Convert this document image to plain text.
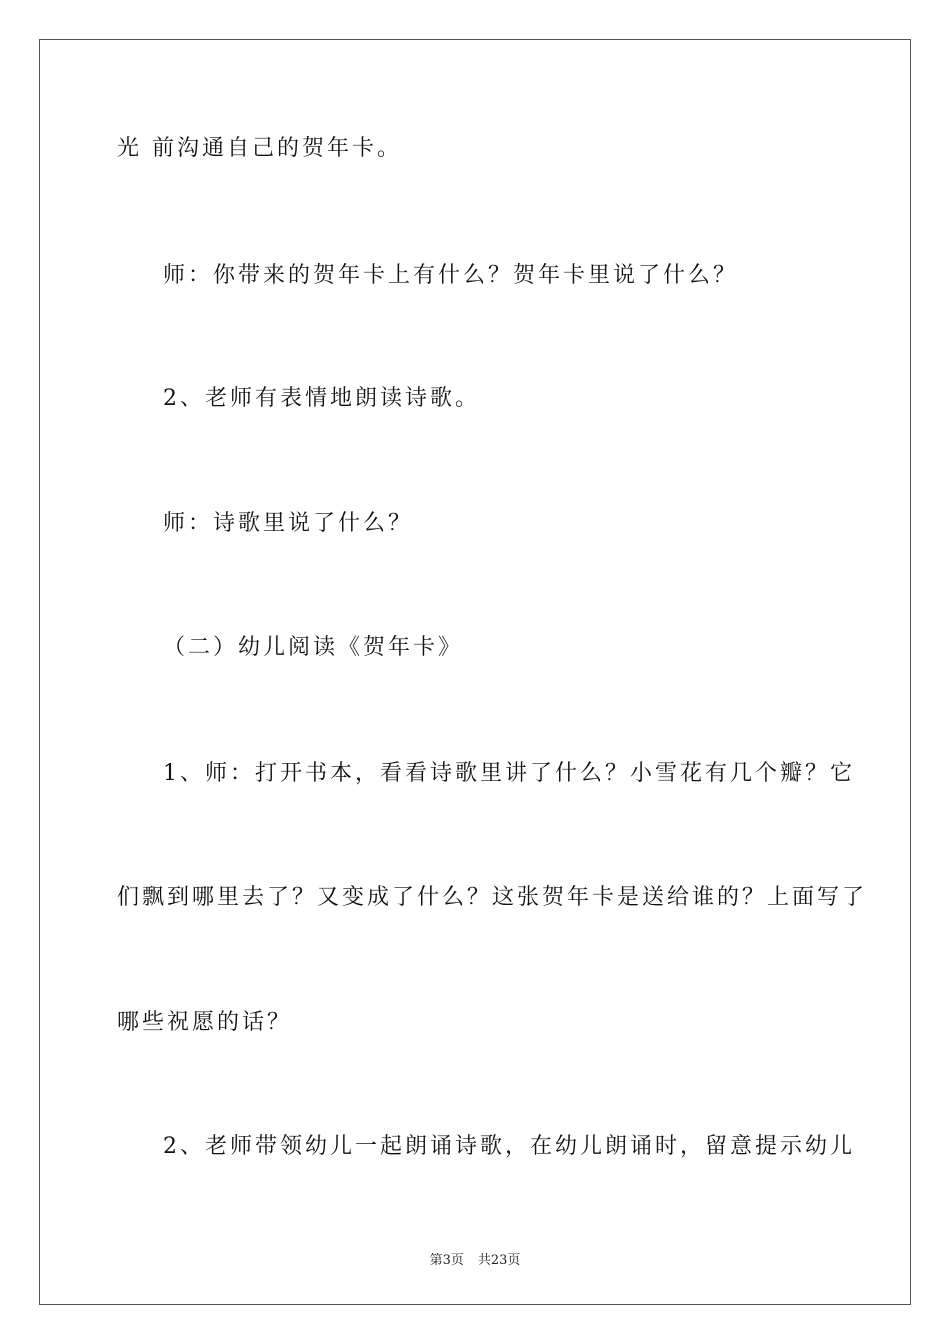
光 前沟通自己的贺年卡。
师：你带来的贺年卡上有什么？贺年卡里说了什么？
2、老师有表情地朗读诗歌。
师：诗歌里说了什么？
（二）幼儿阅读《贺年卡》
1、师：打开书本，看看诗歌里讲了什么？小雪花有几个瓣？它
们飘到哪里去了？又变成了什么？这张贺年卡是送给谁的？上面写了
哪些祝愿的话？
2、老师带领幼儿一起朗诵诗歌，在幼儿朗诵时，留意提示幼儿
第3页 共23页
